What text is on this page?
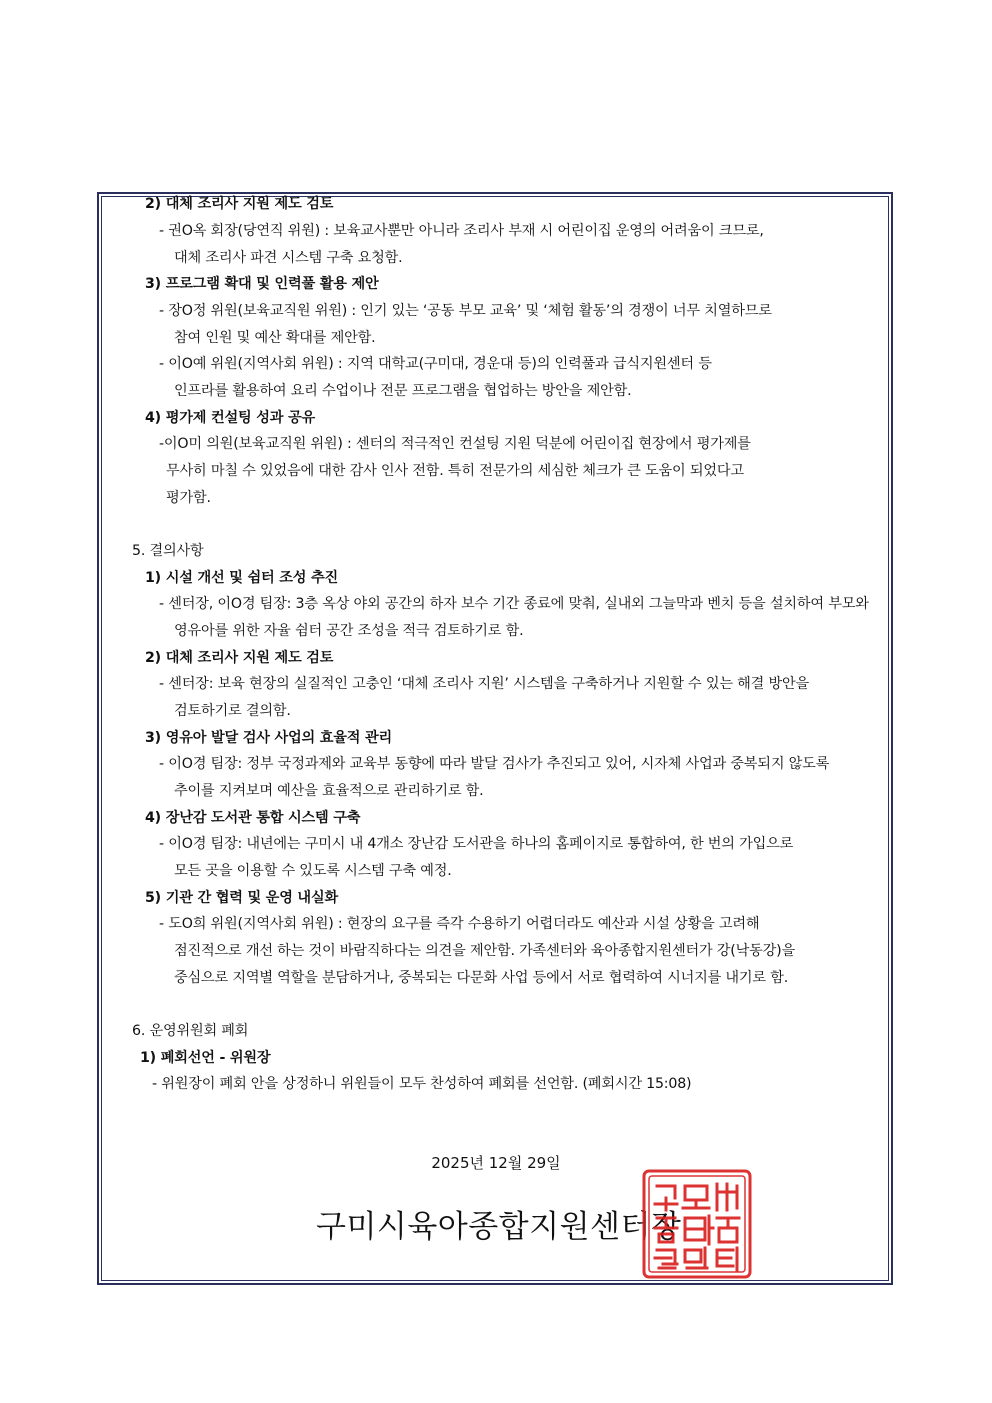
2) 대체 조리사 지원 제도 검토
- 권O옥 회장(당연직 위원) : 보육교사뿐만 아니라 조리사 부재 시 어린이집 운영의 어려움이 크므로,
대체 조리사 파견 시스템 구축 요청함.
3) 프로그램 확대 및 인력풀 활용 제안
- 장O정 위원(보육교직원 위원) : 인기 있는 ‘공동 부모 교육’ 및 ‘체험 활동’의 경쟁이 너무 치열하므로
참여 인원 및 예산 확대를 제안함.
- 이O예 위원(지역사회 위원) : 지역 대학교(구미대, 경운대 등)의 인력풀과 급식지원센터 등
인프라를 활용하여 요리 수업이나 전문 프로그램을 협업하는 방안을 제안함.
4) 평가제 컨설팅 성과 공유
-이O미 의원(보육교직원 위원) : 센터의 적극적인 컨설팅 지원 덕분에 어린이집 현장에서 평가제를
무사히 마칠 수 있었음에 대한 감사 인사 전함. 특히 전문가의 세심한 체크가 큰 도움이 되었다고
평가함.
5. 결의사항
1) 시설 개선 및 쉼터 조성 추진
- 센터장, 이O경 팀장: 3층 옥상 야외 공간의 하자 보수 기간 종료에 맞춰, 실내외 그늘막과 벤치 등을 설치하여 부모와
영유아를 위한 자율 쉼터 공간 조성을 적극 검토하기로 함.
2) 대체 조리사 지원 제도 검토
- 센터장: 보육 현장의 실질적인 고충인 ‘대체 조리사 지원’ 시스템을 구축하거나 지원할 수 있는 해결 방안을
검토하기로 결의함.
3) 영유아 발달 검사 사업의 효율적 관리
- 이O경 팀장: 정부 국정과제와 교육부 동향에 따라 발달 검사가 추진되고 있어, 시자체 사업과 중복되지 않도록
추이를 지켜보며 예산을 효율적으로 관리하기로 함.
4) 장난감 도서관 통합 시스템 구축
- 이O경 팀장: 내년에는 구미시 내 4개소 장난감 도서관을 하나의 홈페이지로 통합하여, 한 번의 가입으로
모든 곳을 이용할 수 있도록 시스템 구축 예정.
5) 기관 간 협력 및 운영 내실화
- 도O희 위원(지역사회 위원) : 현장의 요구를 즉각 수용하기 어렵더라도 예산과 시설 상황을 고려해
점진적으로 개선 하는 것이 바람직하다는 의견을 제안함. 가족센터와 육아종합지원센터가 강(낙동강)을
중심으로 지역별 역할을 분담하거나, 중복되는 다문화 사업 등에서 서로 협력하여 시너지를 내기로 함.
6. 운영위원회 폐회
1) 폐회선언 - 위원장
- 위원장이 폐회 안을 상정하니 위원들이 모두 찬성하여 폐회를 선언함. (폐회시간 15:08)
2025년 12월 29일
구미시육아종합지원센터장
